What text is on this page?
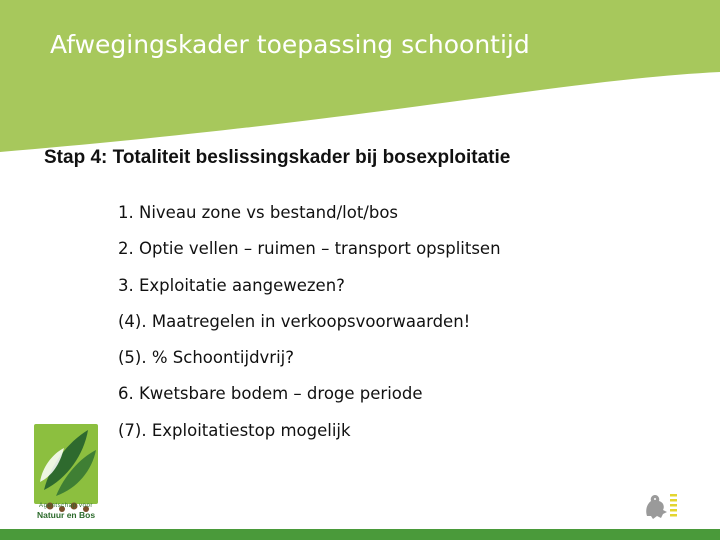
Afwegingskader toepassing schoontijd
Stap 4: Totaliteit beslissingskader bij bosexploitatie
1. Niveau zone vs bestand/lot/bos
2. Optie vellen – ruimen – transport opsplitsen
3. Exploitatie aangewezen?
(4). Maatregelen in verkoopsvoorwaarden!
(5). % Schoontijdvrij?
6. Kwetsbare bodem – droge periode
(7). Exploitatiestop mogelijk
Agentschap voor
Natuur en Bos
